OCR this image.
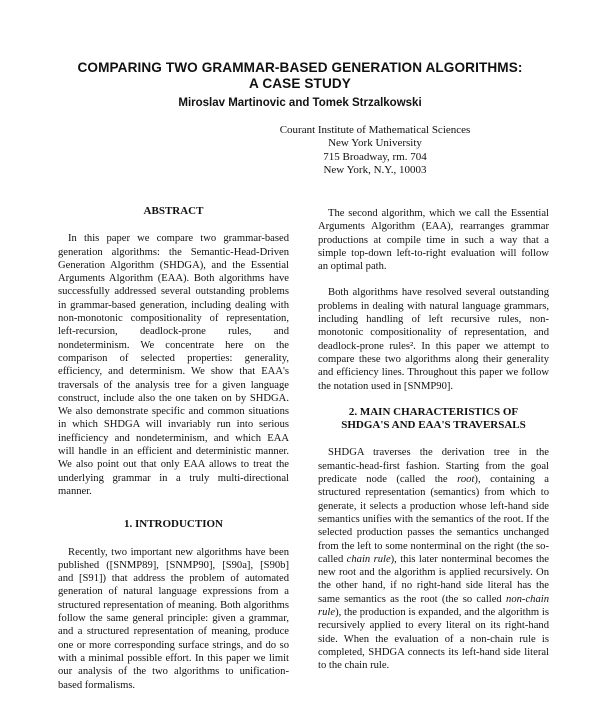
COMPARING TWO GRAMMAR-BASED GENERATION ALGORITHMS:
A CASE STUDY
Miroslav Martinovic and Tomek Strzalkowski
Courant Institute of Mathematical Sciences
New York University
715 Broadway, rm. 704
New York, N.Y., 10003
ABSTRACT

In this paper we compare two grammar-based generation algorithms: the Semantic-Head-Driven Generation Algorithm (SHDGA), and the Essential Arguments Algorithm (EAA). Both algorithms have successfully addressed several outstanding problems in grammar-based generation, including dealing with non-monotonic compositionality of representation, left-recursion, deadlock-prone rules, and nondeterminism. We concentrate here on the comparison of selected properties: generality, efficiency, and determinism. We show that EAA's traversals of the analysis tree for a given language construct, include also the one taken on by SHDGA. We also demonstrate specific and common situations in which SHDGA will invariably run into serious inefficiency and nondeterminism, and which EAA will handle in an efficient and deterministic manner. We also point out that only EAA allows to treat the underlying grammar in a truly multi-directional manner.

1. INTRODUCTION

Recently, two important new algorithms have been published ([SNMP89], [SNMP90], [S90a], [S90b] and [S91]) that address the problem of automated generation of natural language expressions from a structured representation of meaning. Both algorithms follow the same general principle: given a grammar, and a structured representation of meaning, produce one or more corresponding surface strings, and do so with a minimal possible effort. In this paper we limit our analysis of the two algorithms to unification-based formalisms.

The second algorithm, which we call the Essential Arguments Algorithm (EAA), rearranges grammar productions at compile time in such a way that a simple top-down left-to-right evaluation will follow an optimal path.

Both algorithms have resolved several outstanding problems in dealing with natural language grammars, including handling of left recursive rules, non-monotonic compositionality of representation, and deadlock-prone rules². In this paper we attempt to compare these two algorithms along their generality and efficiency lines. Throughout this paper we follow the notation used in [SNMP90].

2. MAIN CHARACTERISTICS OF SHDGA'S AND EAA'S TRAVERSALS

SHDGA traverses the derivation tree in the semantic-head-first fashion. Starting from the goal predicate node (called the root), containing a structured representation (semantics) from which to generate, it selects a production whose left-hand side semantics unifies with the semantics of the root. If the selected production passes the semantics unchanged from the left to some nonterminal on the right (the so-called chain rule), this later nonterminal becomes the new root and the algorithm is applied recursively. On the other hand, if no right-hand side literal has the same semantics as the root (the so called non-chain rule), the production is expanded, and the algorithm is recursively applied to every literal on its right-hand side. When the evaluation of a non-chain rule is completed, SHDGA connects its left-hand side literal to the chain rule.
